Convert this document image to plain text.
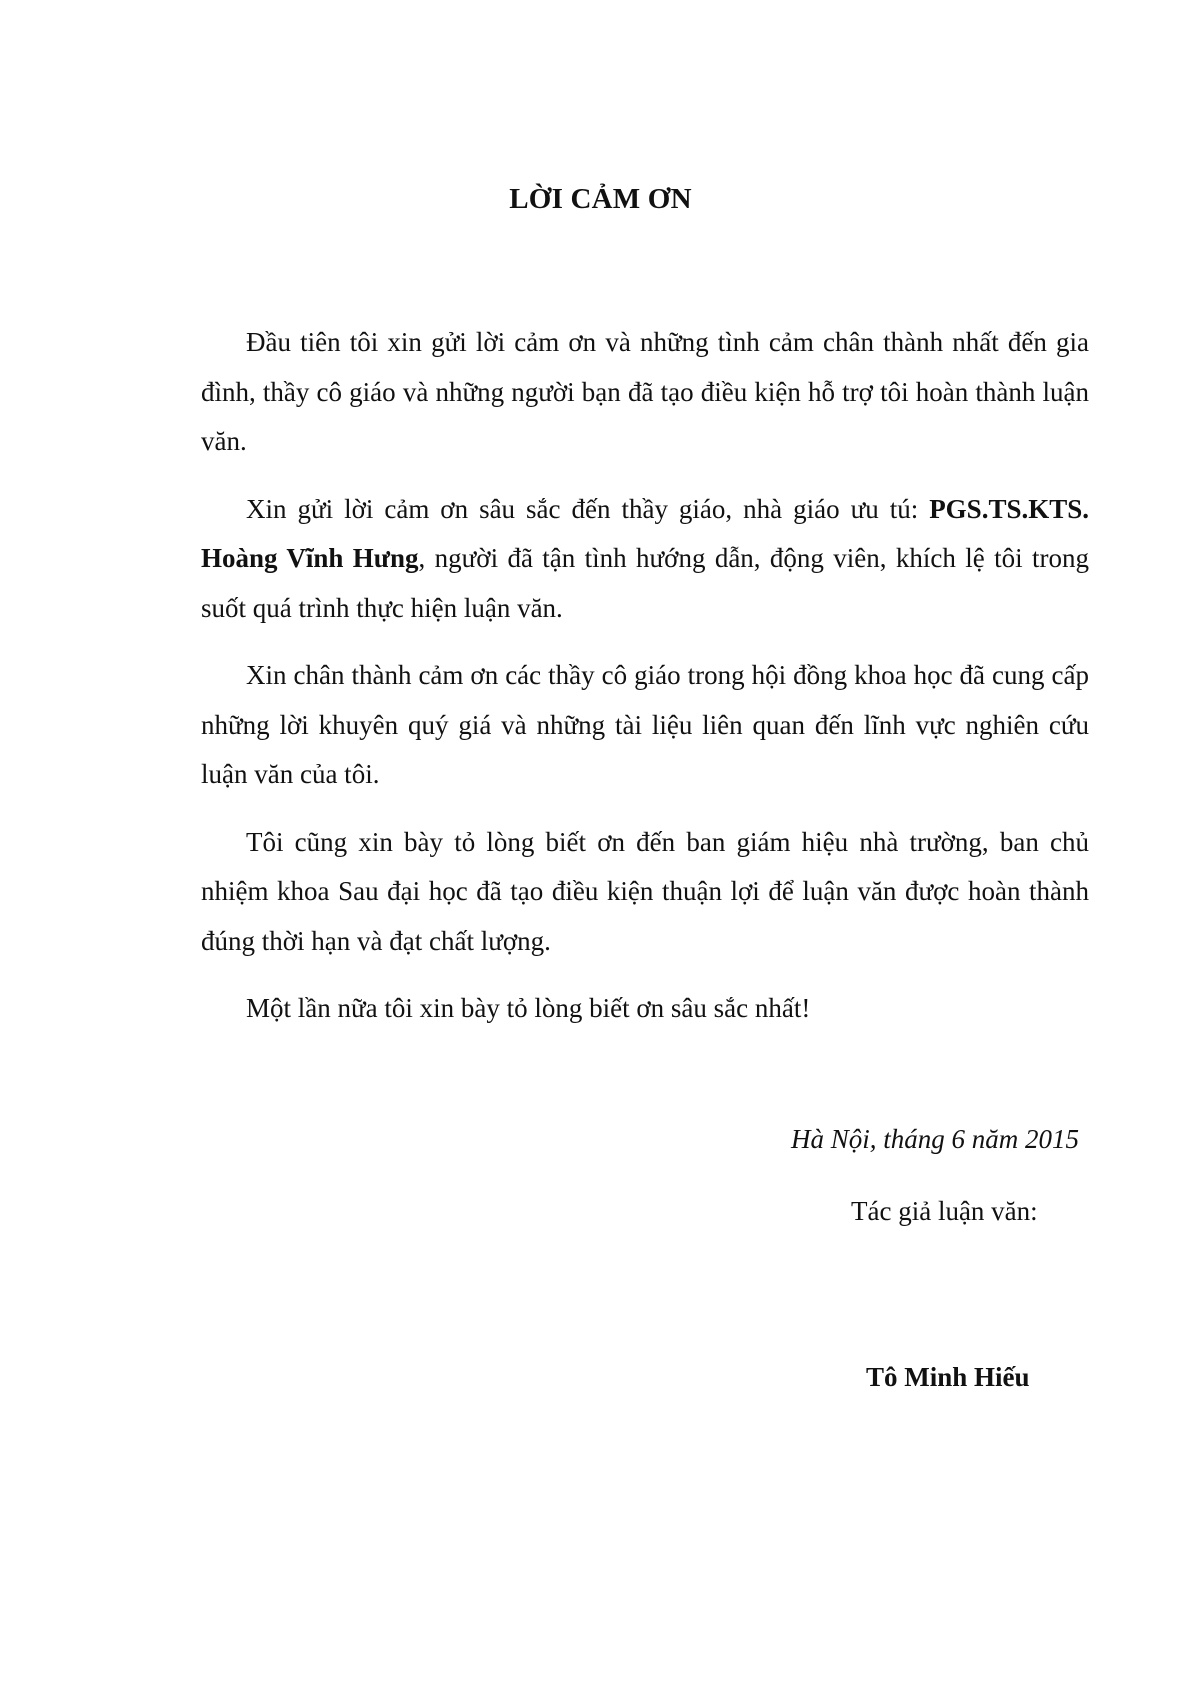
LỜI CẢM ƠN

Đầu tiên tôi xin gửi lời cảm ơn và những tình cảm chân thành nhất đến gia đình, thầy cô giáo và những người bạn đã tạo điều kiện hỗ trợ tôi hoàn thành luận văn.

Xin gửi lời cảm ơn sâu sắc đến thầy giáo, nhà giáo ưu tú: PGS.TS.KTS. Hoàng Vĩnh Hưng, người đã tận tình hướng dẫn, động viên, khích lệ tôi trong suốt quá trình thực hiện luận văn.

Xin chân thành cảm ơn các thầy cô giáo trong hội đồng khoa học đã cung cấp những lời khuyên quý giá và những tài liệu liên quan đến lĩnh vực nghiên cứu luận văn của tôi.

Tôi cũng xin bày tỏ lòng biết ơn đến ban giám hiệu nhà trường, ban chủ nhiệm khoa Sau đại học đã tạo điều kiện thuận lợi để luận văn được hoàn thành đúng thời hạn và đạt chất lượng.

Một lần nữa tôi xin bày tỏ lòng biết ơn sâu sắc nhất!

Hà Nội, tháng 6 năm 2015
Tác giả luận văn:
Tô Minh Hiếu
